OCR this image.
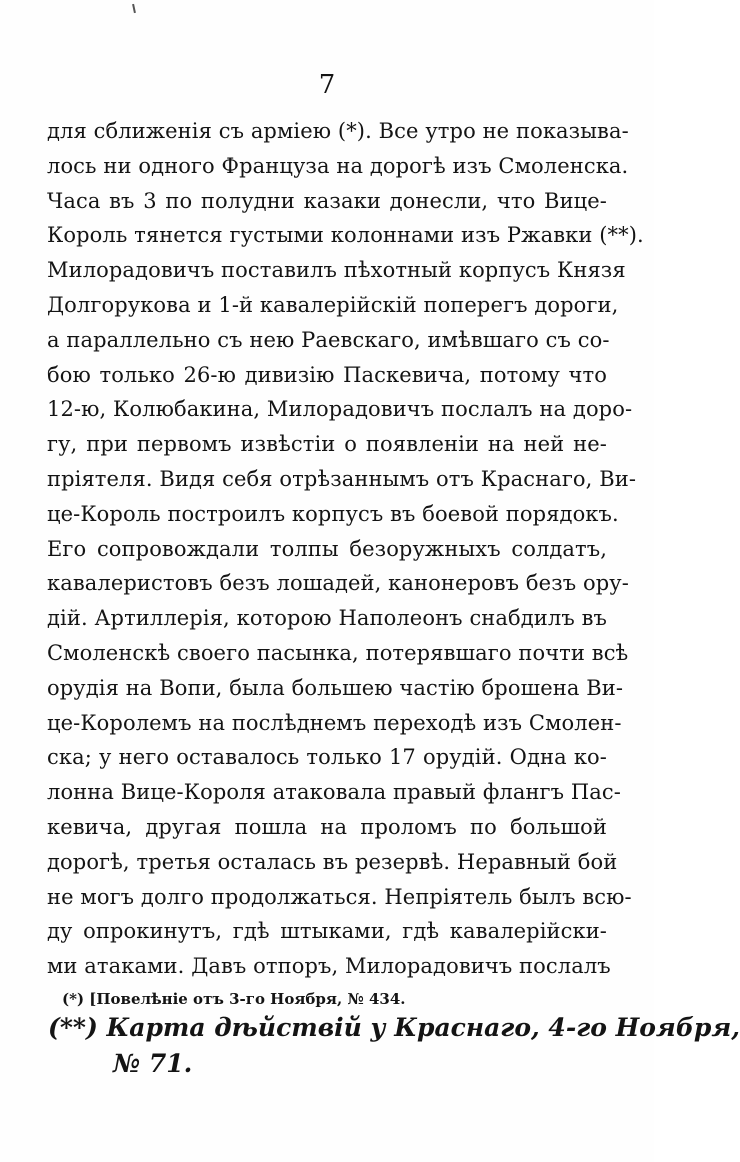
7
для сближенія съ арміею (*). Все утро не показыва-
лось ни одного Француза на дорогѣ изъ Смоленска.
Часа въ 3 по полудни казаки донесли, что Вице-
Король тянется густыми колоннами изъ Ржавки (**).
Милорадовичъ поставилъ пѣхотный корпусъ Князя
Долгорукова и 1-й кавалерійскій поперегъ дороги,
а параллельно съ нею Раевскаго, имѣвшаго съ со-
бою только 26-ю дивизію Паскевича, потому что
12-ю, Колюбакина, Милорадовичъ послалъ на доро-
гу, при первомъ извѣстіи о появленіи на ней не-
пріятеля. Видя себя отрѣзаннымъ отъ Краснаго, Ви-
це-Король построилъ корпусъ въ боевой порядокъ.
Его сопровождали толпы безоружныхъ солдатъ,
кавалеристовъ безъ лошадей, канонеровъ безъ ору-
дій. Артиллерія, которою Наполеонъ снабдилъ въ
Смоленскѣ своего пасынка, потерявшаго почти всѣ
орудія на Вопи, была большею частію брошена Ви-
це-Королемъ на послѣднемъ переходѣ изъ Смолен-
ска; у него оставалось только 17 орудій. Одна ко-
лонна Вице-Короля атаковала правый флангъ Пас-
кевича, другая пошла на проломъ по большой
дорогѣ, третья осталась въ резервѣ. Неравный бой
не могъ долго продолжаться. Непріятель былъ всю-
ду опрокинутъ, гдѣ штыками, гдѣ кавалерійски-
ми атаками. Давъ отпоръ, Милорадовичъ послалъ
(*) [Повелѣніе отъ 3-го Ноября, № 434.
(**) Карта дѣйствій у Краснаго, 4-го Ноября,
№ 71.
